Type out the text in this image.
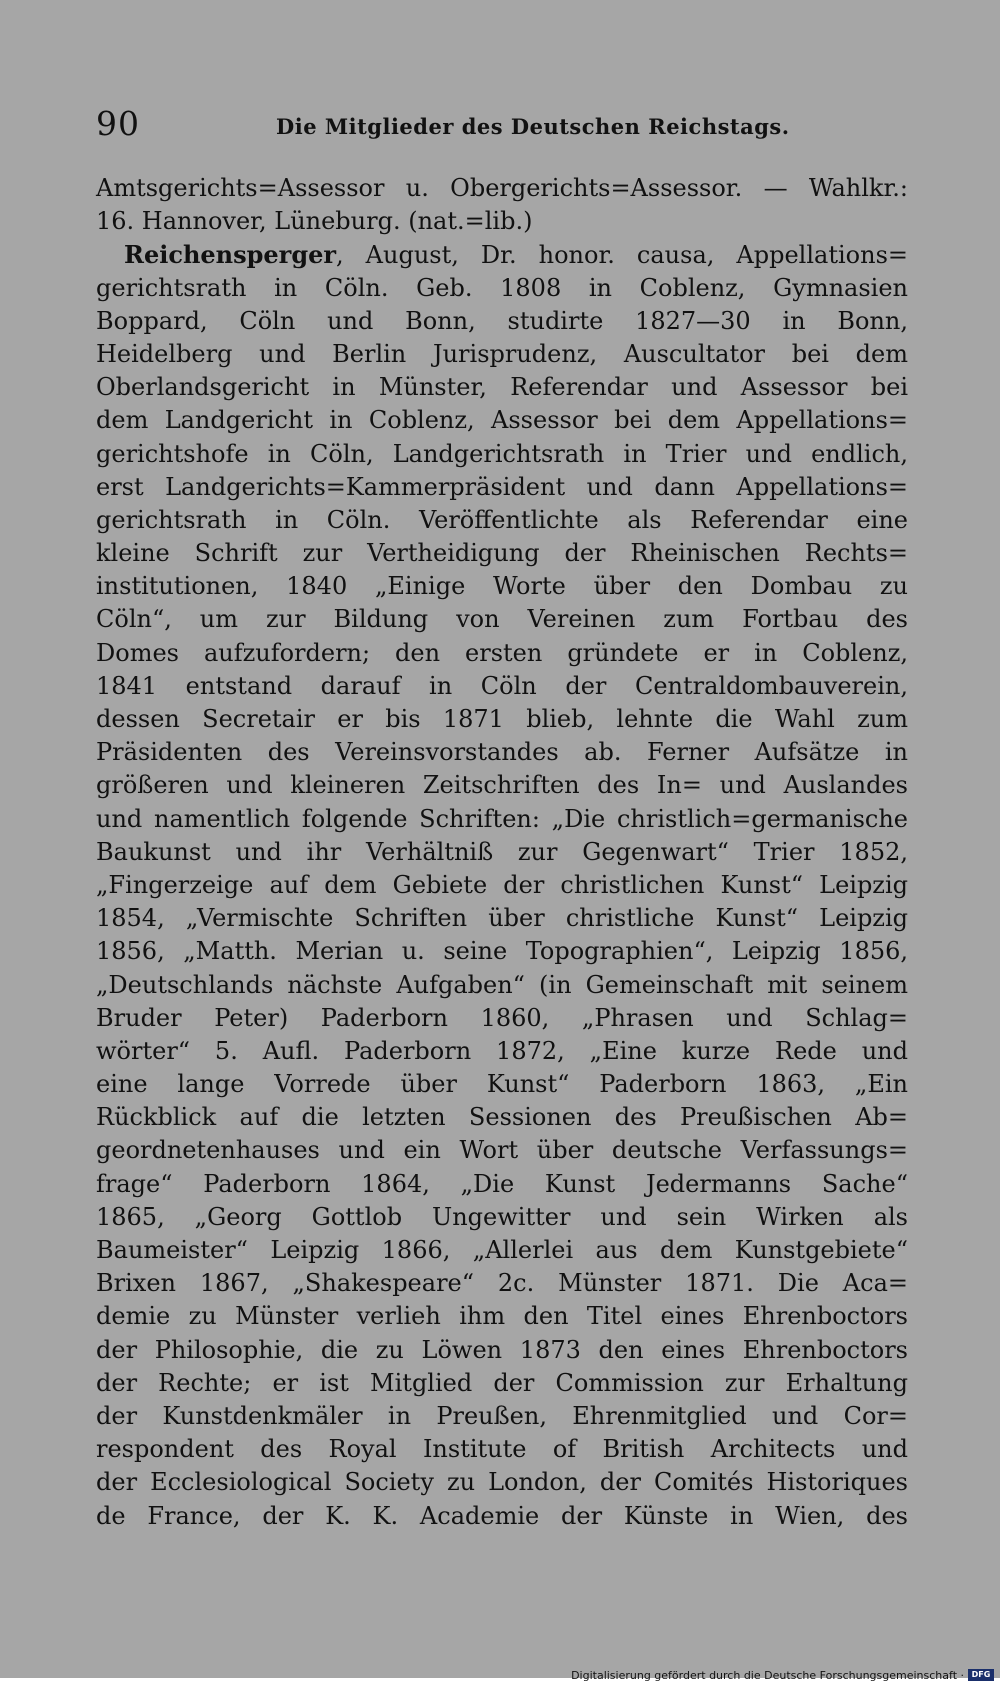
90	Die Mitglieder des Deutschen Reichstags.
Amtsgerichts=Assessor u. Obergerichts=Assessor. — Wahlkr.:
16. Hannover, Lüneburg. (nat.=lib.)
Reichensperger, August, Dr. honor. causa, Appellations=
gerichtsrath in Cöln. Geb. 1808 in Coblenz, Gymnasien
Boppard, Cöln und Bonn, studirte 1827—30 in Bonn,
Heidelberg und Berlin Jurisprudenz, Auscultator bei dem
Oberlandsgericht in Münster, Referendar und Assessor bei
dem Landgericht in Coblenz, Assessor bei dem Appellations=
gerichtshofe in Cöln, Landgerichtsrath in Trier und endlich,
erst Landgerichts=Kammerpräsident und dann Appellations=
gerichtsrath in Cöln. Veröffentlichte als Referendar eine
kleine Schrift zur Vertheidigung der Rheinischen Rechts=
institutionen, 1840 „Einige Worte über den Dombau zu
Cöln“, um zur Bildung von Vereinen zum Fortbau des
Domes aufzufordern; den ersten gründete er in Coblenz,
1841 entstand darauf in Cöln der Centraldombauverein,
dessen Secretair er bis 1871 blieb, lehnte die Wahl zum
Präsidenten des Vereinsvorstandes ab. Ferner Aufsätze in
größeren und kleineren Zeitschriften des In= und Auslandes
und namentlich folgende Schriften: „Die christlich=germanische
Baukunst und ihr Verhältniß zur Gegenwart“ Trier 1852,
„Fingerzeige auf dem Gebiete der christlichen Kunst“ Leipzig
1854, „Vermischte Schriften über christliche Kunst“ Leipzig
1856, „Matth. Merian u. seine Topographien“, Leipzig 1856,
„Deutschlands nächste Aufgaben“ (in Gemeinschaft mit seinem
Bruder Peter) Paderborn 1860, „Phrasen und Schlag=
wörter“ 5. Aufl. Paderborn 1872, „Eine kurze Rede und
eine lange Vorrede über Kunst“ Paderborn 1863, „Ein
Rückblick auf die letzten Sessionen des Preußischen Ab=
geordnetenhauses und ein Wort über deutsche Verfassungs=
frage“ Paderborn 1864, „Die Kunst Jedermanns Sache“
1865, „Georg Gottlob Ungewitter und sein Wirken als
Baumeister“ Leipzig 1866, „Allerlei aus dem Kunstgebiete“
Brixen 1867, „Shakespeare“ 2c. Münster 1871. Die Aca=
demie zu Münster verlieh ihm den Titel eines Ehrenboctors
der Philosophie, die zu Löwen 1873 den eines Ehrenboctors
der Rechte; er ist Mitglied der Commission zur Erhaltung
der Kunstdenkmäler in Preußen, Ehrenmitglied und Cor=
respondent des Royal Institute of British Architects und
der Ecclesiological Society zu London, der Comités Historiques
de France, der K. K. Academie der Künste in Wien, des
Digitalisierung gefördert durch die Deutsche Forschungsgemeinschaft · DFG
